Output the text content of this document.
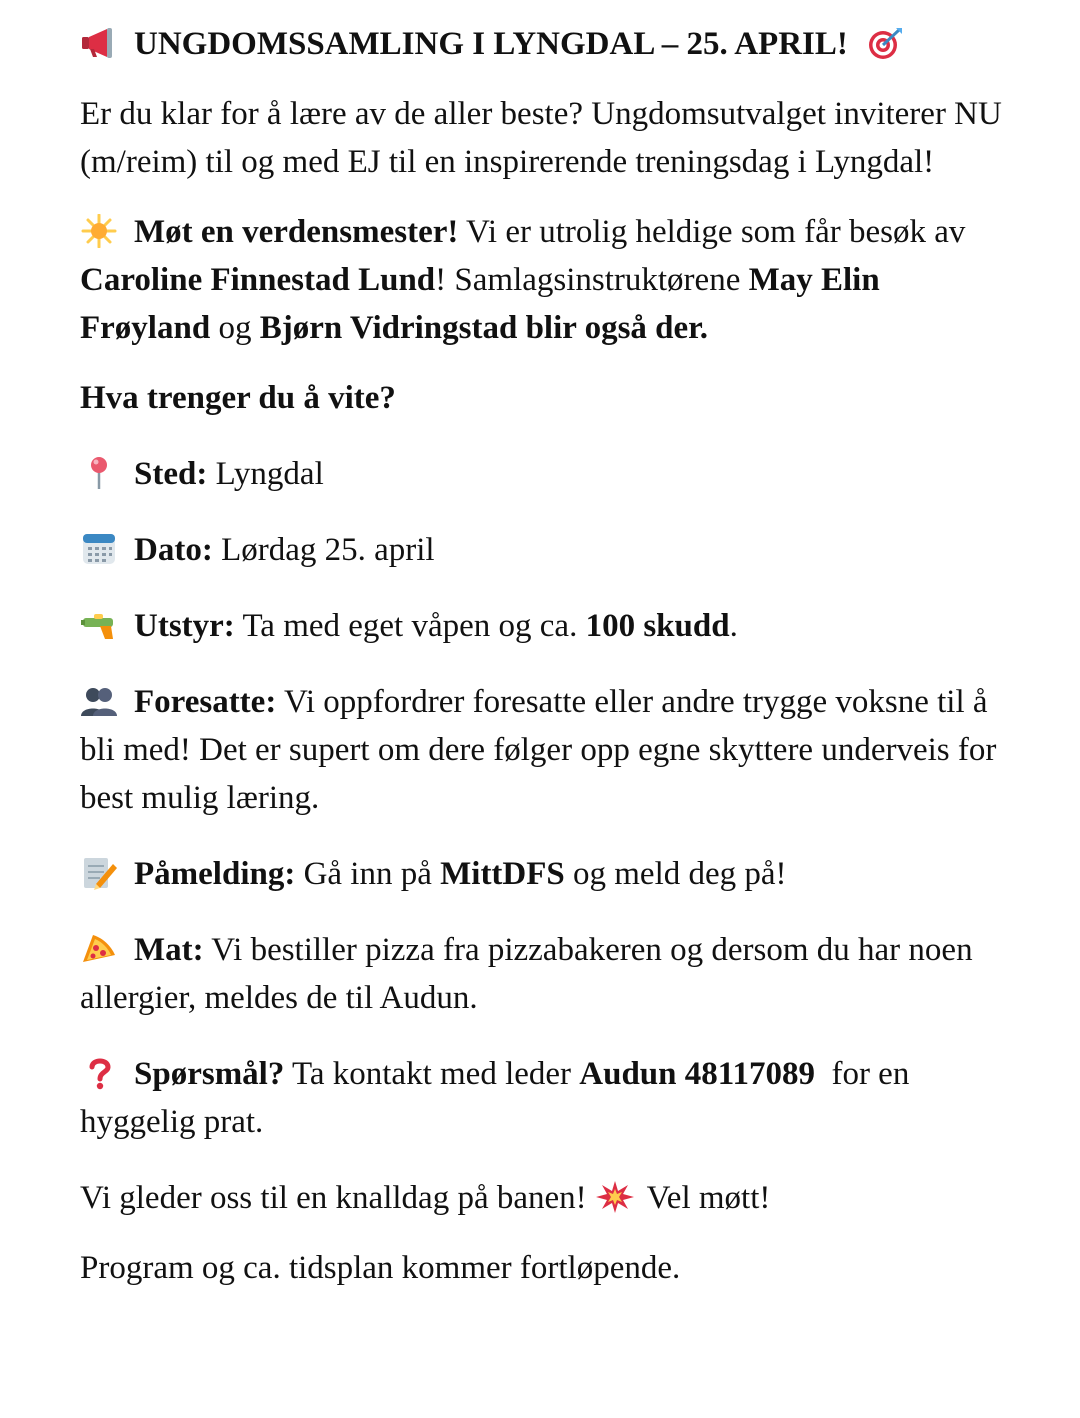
UNGDOMSSAMLING I LYNGDAL – 25. APRIL!
Er du klar for å lære av de aller beste? Ungdomsutvalget inviterer NU (m/reim) til og med EJ til en inspirerende treningsdag i Lyngdal!
Møt en verdensmester! Vi er utrolig heldige som får besøk av Caroline Finnestad Lund! Samlagsinstruktørene May Elin Frøyland og Bjørn Vidringstad blir også der.
Hva trenger du å vite?
Sted: Lyngdal
Dato: Lørdag 25. april
Utstyr: Ta med eget våpen og ca. 100 skudd.
Foresatte: Vi oppfordrer foresatte eller andre trygge voksne til å bli med! Det er supert om dere følger opp egne skyttere underveis for best mulig læring.
Påmelding: Gå inn på MittDFS og meld deg på!
Mat: Vi bestiller pizza fra pizzabakeren og dersom du har noen allergier, meldes de til Audun.
Spørsmål? Ta kontakt med leder Audun 48117089  for en hyggelig prat.
Vi gleder oss til en knalldag på banen! Vel møtt!
Program og ca. tidsplan kommer fortløpende.
